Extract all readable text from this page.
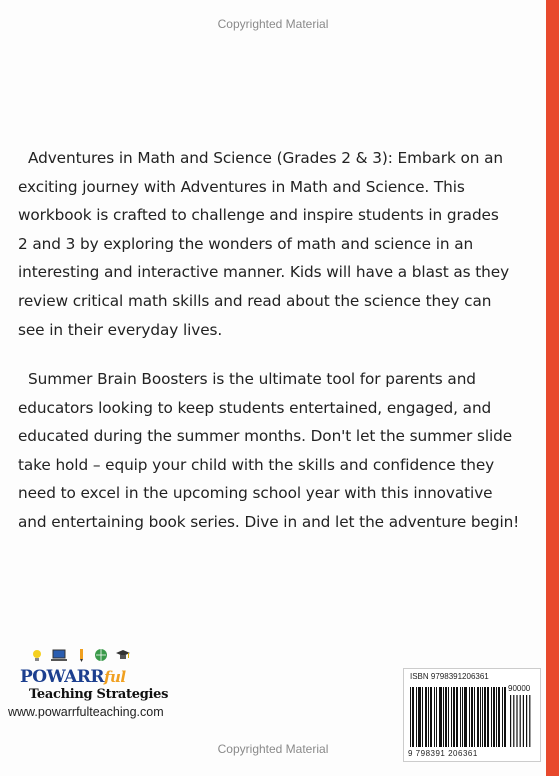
Copyrighted Material

Adventures in Math and Science (Grades 2 & 3): Embark on an
exciting journey with Adventures in Math and Science. This
workbook is crafted to challenge and inspire students in grades
2 and 3 by exploring the wonders of math and science in an
interesting and interactive manner. Kids will have a blast as they
review critical math skills and read about the science they can
see in their everyday lives.

Summer Brain Boosters is the ultimate tool for parents and
educators looking to keep students entertained, engaged, and
educated during the summer months. Don't let the summer slide
take hold – equip your child with the skills and confidence they
need to excel in the upcoming school year with this innovative
and entertaining book series. Dive in and let the adventure begin!

POWARRful
Teaching Strategies
www.powarrfulteaching.com
ISBN 9798391206361
90000
9 798391 206361
Copyrighted Material
